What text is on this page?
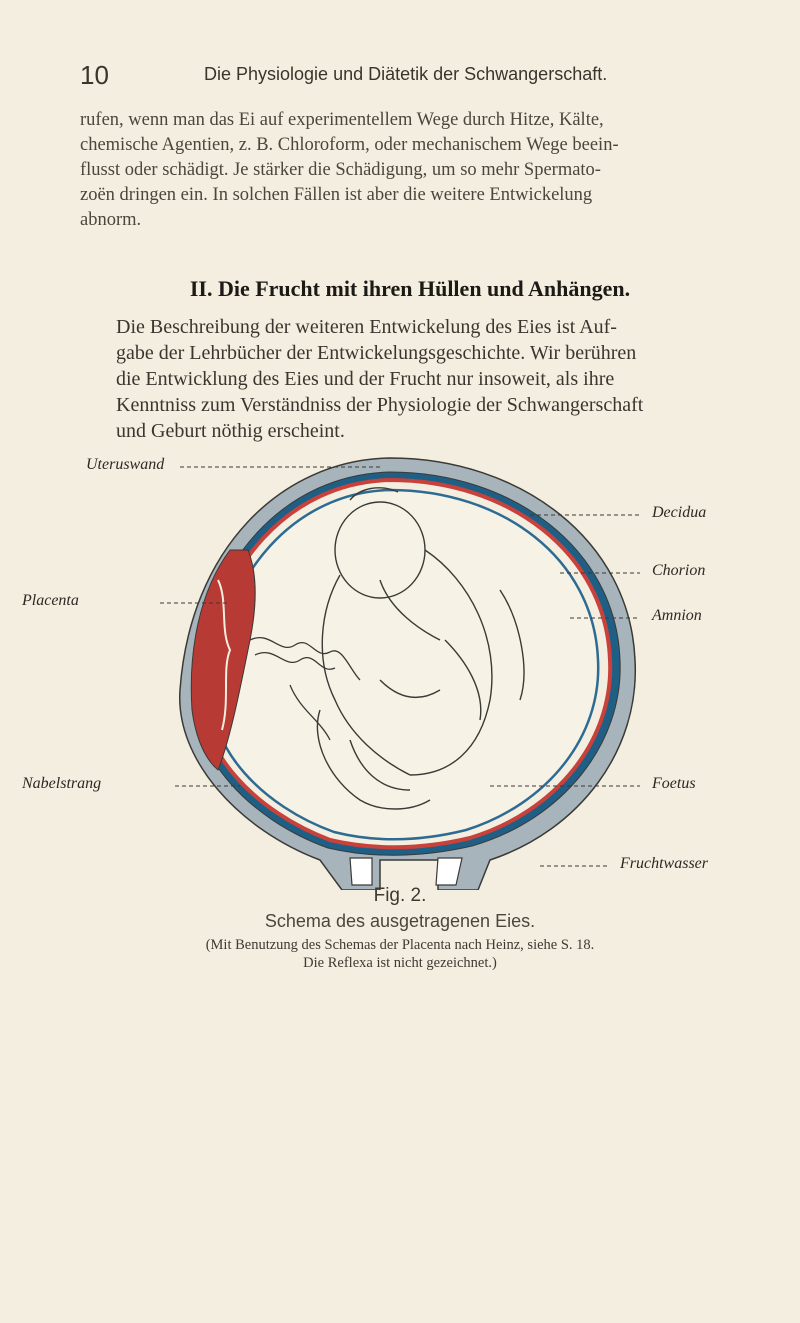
10	Die Physiologie und Diätetik der Schwangerschaft.
rufen, wenn man das Ei auf experimentellem Wege durch Hitze, Kälte,
chemische Agentien, z. B. Chloroform, oder mechanischem Wege beein-
flusst oder schädigt. Je stärker die Schädigung, um so mehr Spermato-
zoën dringen ein. In solchen Fällen ist aber die weitere Entwickelung
abnorm.
II. Die Frucht mit ihren Hüllen und Anhängen.
Die Beschreibung der weiteren Entwickelung des Eies ist Auf-
gabe der Lehrbücher der Entwickelungsgeschichte. Wir berühren
die Entwicklung des Eies und der Frucht nur insoweit, als ihre
Kenntniss zum Verständniss der Physiologie der Schwangerschaft
und Geburt nöthig erscheint.
Uteruswand
Decidua
Chorion
Placenta
Amnion
Nabelstrang	Foetus
Fruchtwasser
Fig. 2.
Schema des ausgetragenen Eies.
(Mit Benutzung des Schemas der Placenta nach Heinz, siehe S. 18.
Die Reflexa ist nicht gezeichnet.)
